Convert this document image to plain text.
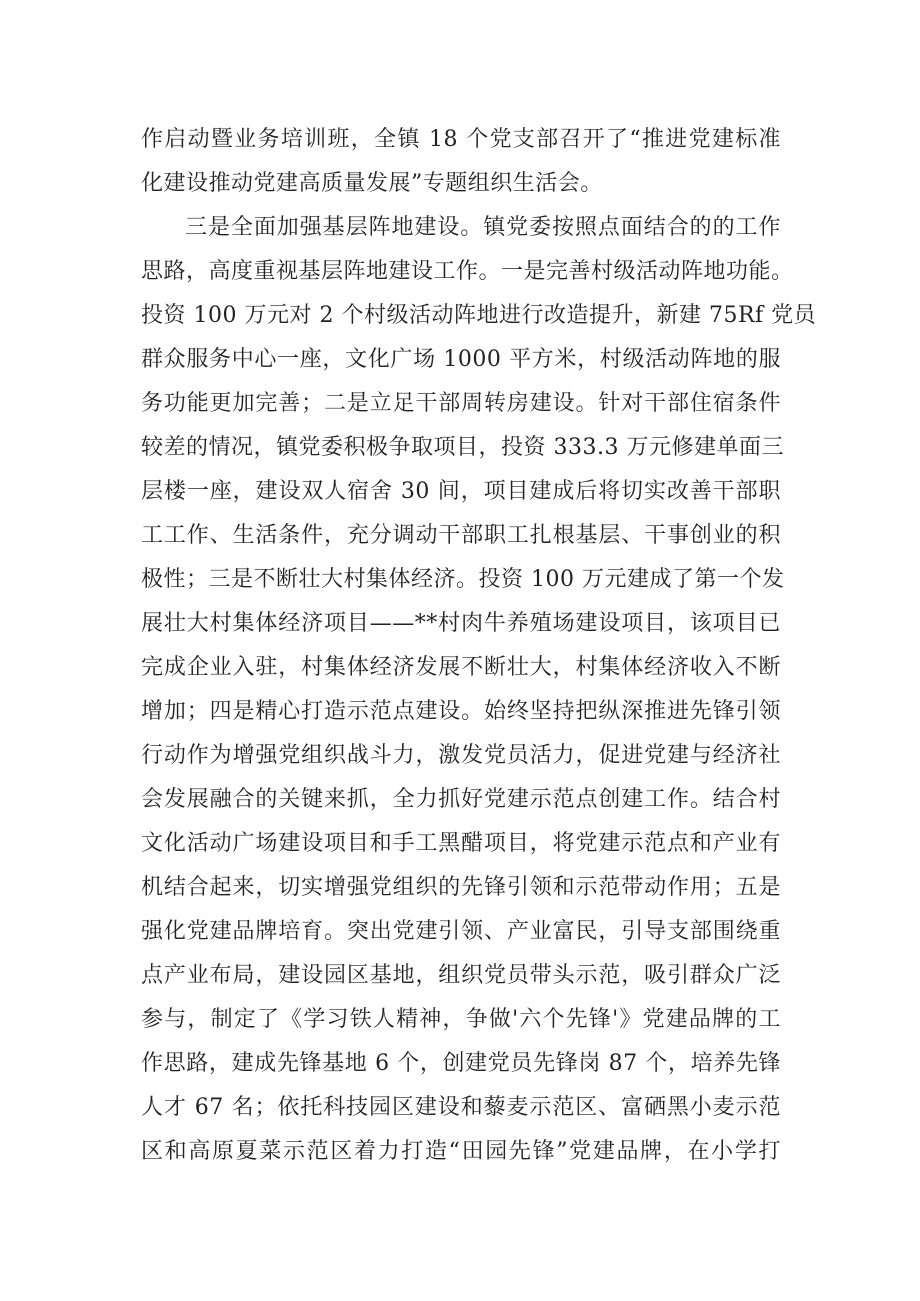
作启动暨业务培训班，全镇 18 个党支部召开了“推进党建标准
化建设推动党建高质量发展”专题组织生活会。
三是全面加强基层阵地建设。镇党委按照点面结合的的工作
思路，高度重视基层阵地建设工作。一是完善村级活动阵地功能。
投资 100 万元对 2 个村级活动阵地进行改造提升，新建 75Rf 党员
群众服务中心一座，文化广场 1000 平方米，村级活动阵地的服
务功能更加完善；二是立足干部周转房建设。针对干部住宿条件
较差的情况，镇党委积极争取项目，投资 333.3 万元修建单面三
层楼一座，建设双人宿舍 30 间，项目建成后将切实改善干部职
工工作、生活条件，充分调动干部职工扎根基层、干事创业的积
极性；三是不断壮大村集体经济。投资 100 万元建成了第一个发
展壮大村集体经济项目——**村肉牛养殖场建设项目，该项目已
完成企业入驻，村集体经济发展不断壮大，村集体经济收入不断
增加；四是精心打造示范点建设。始终坚持把纵深推进先锋引领
行动作为增强党组织战斗力，激发党员活力，促进党建与经济社
会发展融合的关键来抓，全力抓好党建示范点创建工作。结合村
文化活动广场建设项目和手工黑醋项目，将党建示范点和产业有
机结合起来，切实增强党组织的先锋引领和示范带动作用；五是
强化党建品牌培育。突出党建引领、产业富民，引导支部围绕重
点产业布局，建设园区基地，组织党员带头示范，吸引群众广泛
参与，制定了《学习铁人精神，争做'六个先锋'》党建品牌的工
作思路，建成先锋基地 6 个，创建党员先锋岗 87 个，培养先锋
人才 67 名；依托科技园区建设和藜麦示范区、富硒黑小麦示范
区和高原夏菜示范区着力打造“田园先锋”党建品牌，在小学打
